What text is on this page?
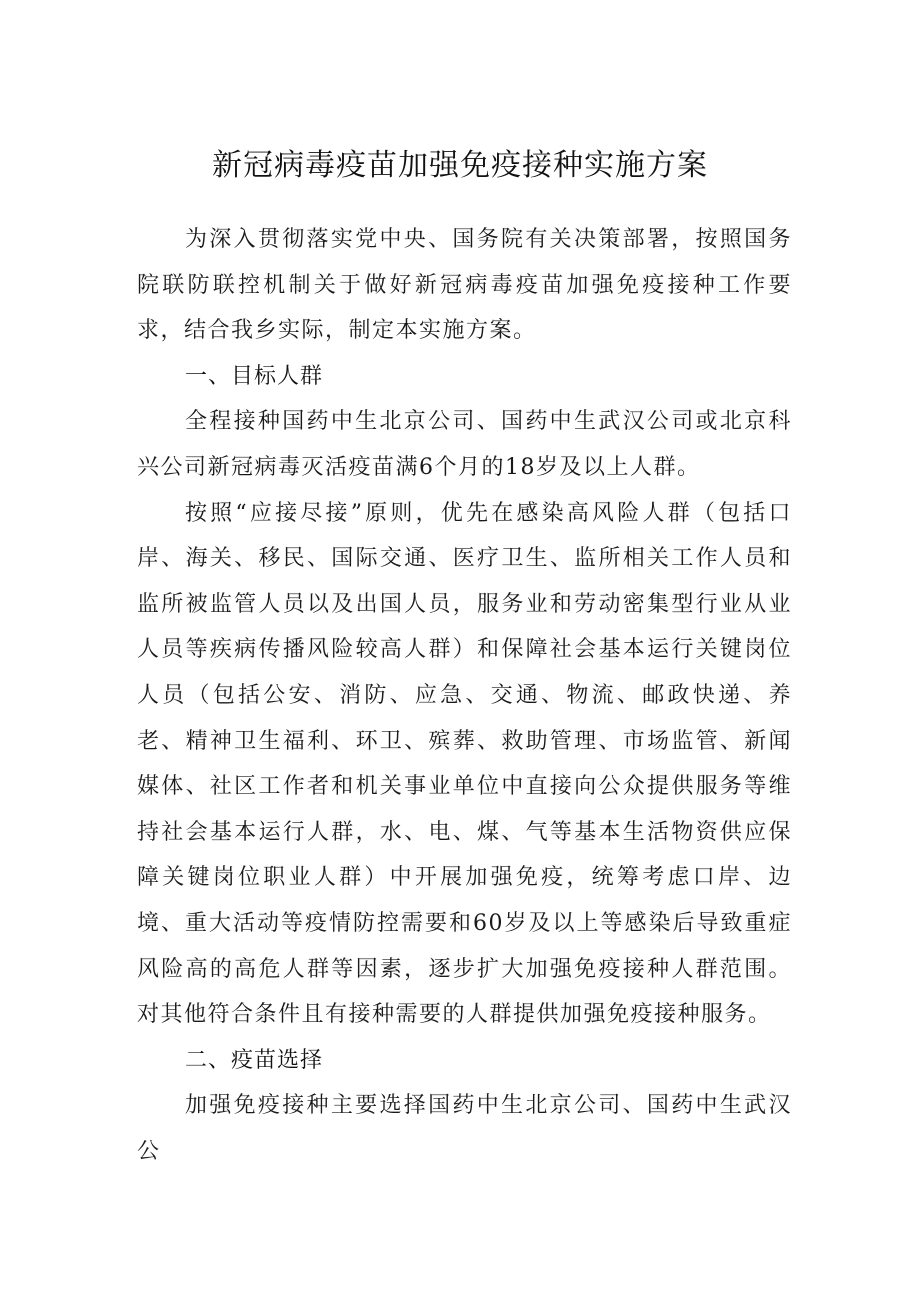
新冠病毒疫苗加强免疫接种实施方案

为深入贯彻落实党中央、国务院有关决策部署，按照国务院联防联控机制关于做好新冠病毒疫苗加强免疫接种工作要求，结合我乡实际，制定本实施方案。

一、目标人群

全程接种国药中生北京公司、国药中生武汉公司或北京科兴公司新冠病毒灭活疫苗满6个月的18岁及以上人群。

按照“应接尽接”原则，优先在感染高风险人群（包括口岸、海关、移民、国际交通、医疗卫生、监所相关工作人员和监所被监管人员以及出国人员，服务业和劳动密集型行业从业人员等疾病传播风险较高人群）和保障社会基本运行关键岗位人员（包括公安、消防、应急、交通、物流、邮政快递、养老、精神卫生福利、环卫、殡葬、救助管理、市场监管、新闻媒体、社区工作者和机关事业单位中直接向公众提供服务等维持社会基本运行人群，水、电、煤、气等基本生活物资供应保障关键岗位职业人群）中开展加强免疫，统筹考虑口岸、边境、重大活动等疫情防控需要和60岁及以上等感染后导致重症风险高的高危人群等因素，逐步扩大加强免疫接种人群范围。对其他符合条件且有接种需要的人群提供加强免疫接种服务。

二、疫苗选择

加强免疫接种主要选择国药中生北京公司、国药中生武汉公
